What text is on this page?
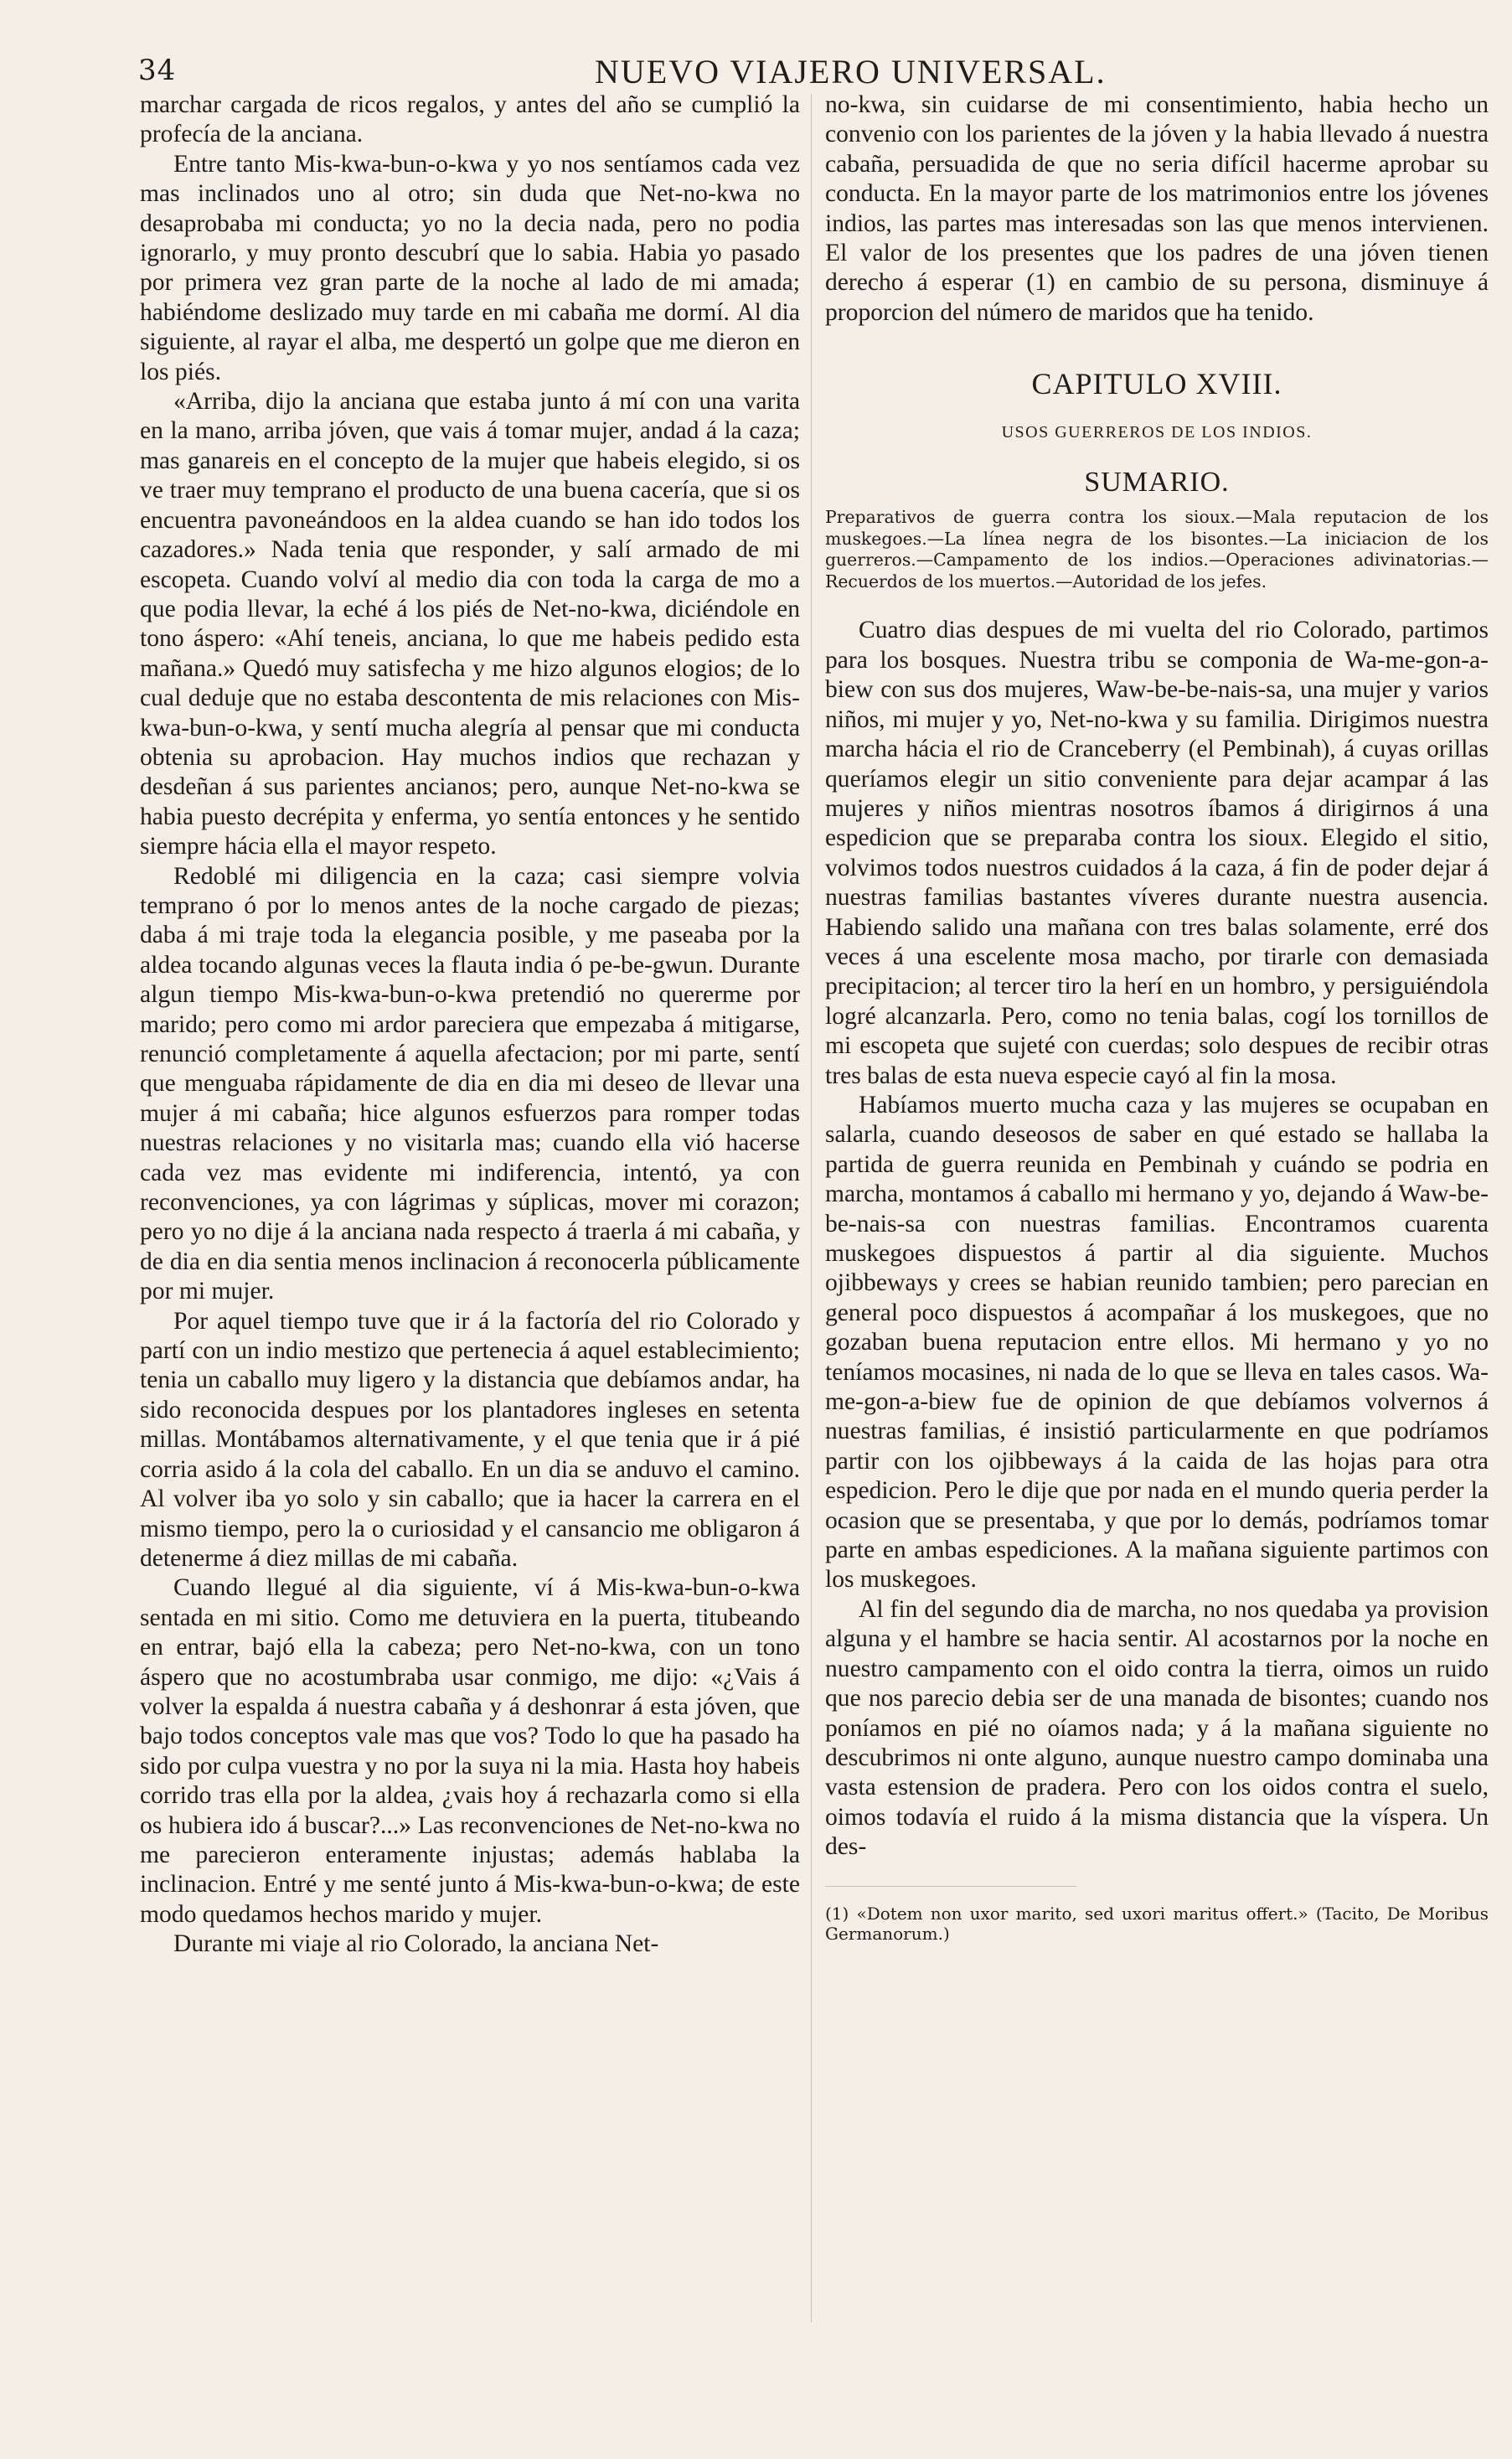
34	NUEVO VIAJERO UNIVERSAL.

marchar cargada de ricos regalos, y antes del año se cumplió la profecía de la anciana.

Entre tanto Mis-kwa-bun-o-kwa y yo nos sentíamos cada vez mas inclinados uno al otro; sin duda que Net-no-kwa no desaprobaba mi conducta; yo no la decia nada, pero no podia ignorarlo, y muy pronto descubrí que lo sabia. Habia yo pasado por primera vez gran parte de la noche al lado de mi amada; habiéndome deslizado muy tarde en mi cabaña me dormí. Al dia siguiente, al rayar el alba, me despertó un golpe que me dieron en los piés.

«Arriba, dijo la anciana que estaba junto á mí con una varita en la mano, arriba jóven, que vais á tomar mujer, andad á la caza; mas ganareis en el concepto de la mujer que habeis elegido, si os ve traer muy temprano el producto de una buena cacería, que si os encuentra pavoneándoos en la aldea cuando se han ido todos los cazadores.» Nada tenia que responder, y salí armado de mi escopeta. Cuando volví al medio dia con toda la carga de mo a que podia llevar, la eché á los piés de Net-no-kwa, diciéndole en tono áspero: «Ahí teneis, anciana, lo que me habeis pedido esta mañana.» Quedó muy satisfecha y me hizo algunos elogios; de lo cual deduje que no estaba descontenta de mis relaciones con Mis-kwa-bun-o-kwa, y sentí mucha alegría al pensar que mi conducta obtenia su aprobacion. Hay muchos indios que rechazan y desdeñan á sus parientes ancianos; pero, aunque Net-no-kwa se habia puesto decrépita y enferma, yo sentía entonces y he sentido siempre hácia ella el mayor respeto.

Redoblé mi diligencia en la caza; casi siempre volvia temprano ó por lo menos antes de la noche cargado de piezas; daba á mi traje toda la elegancia posible, y me paseaba por la aldea tocando algunas veces la flauta india ó pe-be-gwun. Durante algun tiempo Mis-kwa-bun-o-kwa pretendió no quererme por marido; pero como mi ardor pareciera que empezaba á mitigarse, renunció completamente á aquella afectacion; por mi parte, sentí que menguaba rápidamente de dia en dia mi deseo de llevar una mujer á mi cabaña; hice algunos esfuerzos para romper todas nuestras relaciones y no visitarla mas; cuando ella vió hacerse cada vez mas evidente mi indiferencia, intentó, ya con reconvenciones, ya con lágrimas y súplicas, mover mi corazon; pero yo no dije á la anciana nada respecto á traerla á mi cabaña, y de dia en dia sentia menos inclinacion á reconocerla públicamente por mi mujer.

Por aquel tiempo tuve que ir á la factoría del rio Colorado y partí con un indio mestizo que pertenecia á aquel establecimiento; tenia un caballo muy ligero y la distancia que debíamos andar, ha sido reconocida despues por los plantadores ingleses en setenta millas. Montábamos alternativamente, y el que tenia que ir á pié corria asido á la cola del caballo. En un dia se anduvo el camino. Al volver iba yo solo y sin caballo; que ia hacer la carrera en el mismo tiempo, pero la o curiosidad y el cansancio me obligaron á detenerme á diez millas de mi cabaña.

Cuando llegué al dia siguiente, ví á Mis-kwa-bun-o-kwa sentada en mi sitio. Como me detuviera en la puerta, titubeando en entrar, bajó ella la cabeza; pero Net-no-kwa, con un tono áspero que no acostumbraba usar conmigo, me dijo: «¿Vais á volver la espalda á nuestra cabaña y á deshonrar á esta jóven, que bajo todos conceptos vale mas que vos? Todo lo que ha pasado ha sido por culpa vuestra y no por la suya ni la mia. Hasta hoy habeis corrido tras ella por la aldea, ¿vais hoy á rechazarla como si ella os hubiera ido á buscar?...» Las reconvenciones de Net-no-kwa no me parecieron enteramente injustas; además hablaba la inclinacion. Entré y me senté junto á Mis-kwa-bun-o-kwa; de este modo quedamos hechos marido y mujer.

Durante mi viaje al rio Colorado, la anciana Net-

no-kwa, sin cuidarse de mi consentimiento, habia hecho un convenio con los parientes de la jóven y la habia llevado á nuestra cabaña, persuadida de que no seria difícil hacerme aprobar su conducta. En la mayor parte de los matrimonios entre los jóvenes indios, las partes mas interesadas son las que menos intervienen. El valor de los presentes que los padres de una jóven tienen derecho á esperar (1) en cambio de su persona, disminuye á proporcion del número de maridos que ha tenido.

CAPITULO XVIII.
USOS GUERREROS DE LOS INDIOS.
SUMARIO.

Preparativos de guerra contra los sioux.—Mala reputacion de los muskegoes.—La línea negra de los bisontes.—La iniciacion de los guerreros.—Campamento de los indios.—Operaciones adivinatorias.—Recuerdos de los muertos.—Autoridad de los jefes.

Cuatro dias despues de mi vuelta del rio Colorado, partimos para los bosques. Nuestra tribu se componia de Wa-me-gon-a-biew con sus dos mujeres, Waw-be-be-nais-sa, una mujer y varios niños, mi mujer y yo, Net-no-kwa y su familia. Dirigimos nuestra marcha hácia el rio de Cranceberry (el Pembinah), á cuyas orillas queríamos elegir un sitio conveniente para dejar acampar á las mujeres y niños mientras nosotros íbamos á dirigirnos á una espedicion que se preparaba contra los sioux. Elegido el sitio, volvimos todos nuestros cuidados á la caza, á fin de poder dejar á nuestras familias bastantes víveres durante nuestra ausencia. Habiendo salido una mañana con tres balas solamente, erré dos veces á una escelente mosa macho, por tirarle con demasiada precipitacion; al tercer tiro la herí en un hombro, y persiguiéndola logré alcanzarla. Pero, como no tenia balas, cogí los tornillos de mi escopeta que sujeté con cuerdas; solo despues de recibir otras tres balas de esta nueva especie cayó al fin la mosa.

Habíamos muerto mucha caza y las mujeres se ocupaban en salarla, cuando deseosos de saber en qué estado se hallaba la partida de guerra reunida en Pembinah y cuándo se podria en marcha, montamos á caballo mi hermano y yo, dejando á Waw-be-be-nais-sa con nuestras familias. Encontramos cuarenta muskegoes dispuestos á partir al dia siguiente. Muchos ojibbeways y crees se habian reunido tambien; pero parecian en general poco dispuestos á acompañar á los muskegoes, que no gozaban buena reputacion entre ellos. Mi hermano y yo no teníamos mocasines, ni nada de lo que se lleva en tales casos. Wa-me-gon-a-biew fue de opinion de que debíamos volvernos á nuestras familias, é insistió particularmente en que podríamos partir con los ojibbeways á la caida de las hojas para otra espedicion. Pero le dije que por nada en el mundo queria perder la ocasion que se presentaba, y que por lo demás, podríamos tomar parte en ambas espediciones. A la mañana siguiente partimos con los muskegoes.

Al fin del segundo dia de marcha, no nos quedaba ya provision alguna y el hambre se hacia sentir. Al acostarnos por la noche en nuestro campamento con el oido contra la tierra, oimos un ruido que nos parecio debia ser de una manada de bisontes; cuando nos poníamos en pié no oíamos nada; y á la mañana siguiente no descubrimos ni onte alguno, aunque nuestro campo dominaba una vasta estension de pradera. Pero con los oidos contra el suelo, oimos todavía el ruido á la misma distancia que la víspera. Un des-

(1) «Dotem non uxor marito, sed uxori maritus offert.» (Tacito, De Moribus Germanorum.)
